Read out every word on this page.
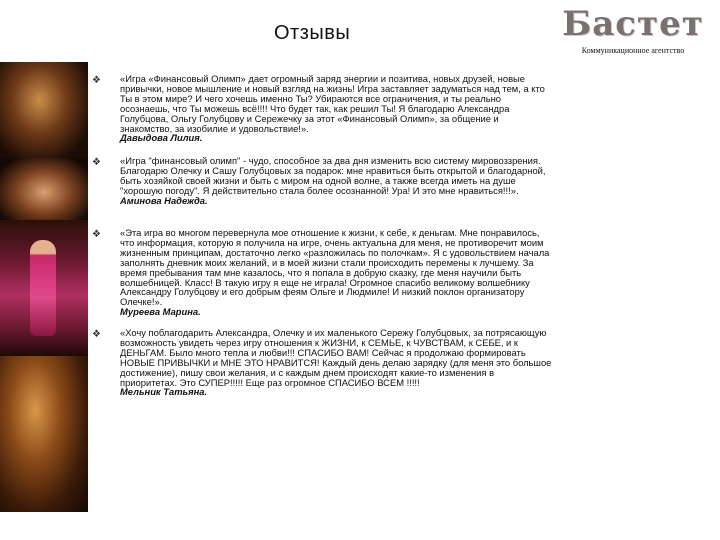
Отзывы	Бастет
Коммуникационное агентство
❖ «Игра «Финансовый Олимп» дает огромный заряд энергии и позитива, новых друзей, новые привычки, новое мышление и новый взгляд на жизнь! Игра заставляет задуматься над тем, а кто Ты в этом мире? И чего хочешь именно Ты? Убираются все ограничения, и ты реально осознаешь, что Ты можешь всё!!!! Что будет так, как решил Ты! Я благодарю Александра Голубцова, Ольгу Голубцову и Сережечку за этот «Финансовый Олимп», за общение и знакомство, за изобилие и удовольствие!».
Давыдова Лилия.
❖ «Игра "финансовый олимп" - чудо, способное за два дня изменить всю систему мировоззрения. Благодарю Олечку и Сашу Голубцовых за подарок: мне нравиться быть открытой и благодарной, быть хозяйкой своей жизни и быть с миром на одной волне, а также всегда иметь на душе "хорошую погоду". Я действительно стала более осознанной! Ура! И это мне нравиться!!!».
Аминова Надежда.
❖ «Эта игра во многом перевернула мое отношение к жизни, к себе, к деньгам. Мне понравилось, что информация, которую я получила на игре, очень актуальна для меня, не противоречит моим жизненным принципам, достаточно легко «разложилась по полочкам». Я с удовольствием начала заполнять дневник моих желаний, и в моей жизни стали происходить перемены к лучшему. За время пребывания там мне казалось, что я попала в добрую сказку, где меня научили быть волшебницей. Класс! В такую игру я еще не играла! Огромное спасибо великому волшебнику Александру Голубцову и его добрым феям Ольге и Людмиле! И низкий поклон организатору Олечке!».
Муреева Марина.
❖ «Хочу поблагодарить Александра, Олечку и их маленького Сережу Голубцовых, за потрясающую возможность увидеть через игру отношения к ЖИЗНИ, к СЕМЬЕ, к ЧУВСТВАМ, к СЕБЕ, и к ДЕНЬГАМ. Было много тепла и любви!!! СПАСИБО ВАМ! Сейчас я продолжаю формировать НОВЫЕ ПРИВЫЧКИ и МНЕ ЭТО НРАВИТСЯ! Каждый день делаю зарядку (для меня это большое достижение), пишу свои желания, и с каждым днем происходят какие-то изменения в приоритетах. Это СУПЕР!!!!! Еще раз огромное СПАСИБО ВСЕМ !!!!!
Мельник Татьяна.
